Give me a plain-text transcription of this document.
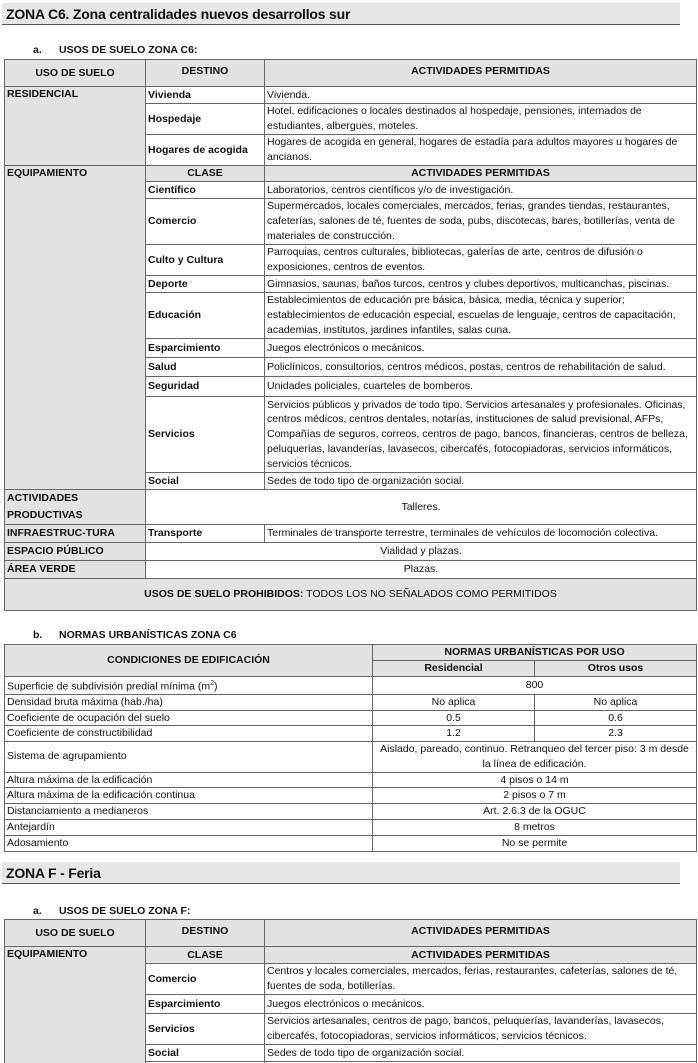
ZONA C6. Zona centralidades nuevos desarrollos sur
a. USOS DE SUELO ZONA C6:
USO DE SUELO	DESTINO	ACTIVIDADES PERMITIDAS
RESIDENCIAL	Vivienda	Vivienda.
	Hospedaje	Hotel, edificaciones o locales destinados al hospedaje, pensiones, internados de estudiantes, albergues, moteles.
	Hogares de acogida	Hogares de acogida en general, hogares de estadía para adultos mayores u hogares de ancianos.
EQUIPAMIENTO	CLASE	ACTIVIDADES PERMITIDAS
	Científico	Laboratorios, centros científicos y/o de investigación.
	Comercio	Supermercados, locales comerciales, mercados, ferias, grandes tiendas, restaurantes, cafeterías, salones de té, fuentes de soda, pubs, discotecas, bares, botillerías, venta de materiales de construcción.
	Culto y Cultura	Parroquias, centros culturales, bibliotecas, galerías de arte, centros de difusión o exposiciones, centros de eventos.
	Deporte	Gimnasios, saunas, baños turcos, centros y clubes deportivos, multicanchas, piscinas.
	Educación	Establecimientos de educación pre básica, básica, media, técnica y superior; establecimientos de educación especial, escuelas de lenguaje, centros de capacitación, academias, institutos, jardines infantiles, salas cuna.
	Esparcimiento	Juegos electrónicos o mecánicos.
	Salud	Policlínicos, consultorios, centros médicos, postas, centros de rehabilitación de salud.
	Seguridad	Unidades policiales, cuarteles de bomberos.
	Servicios	Servicios públicos y privados de todo tipo. Servicios artesanales y profesionales. Oficinas, centros médicos, centros dentales, notarías, instituciones de salud previsional, AFPs, Compañías de seguros, correos, centros de pago, bancos, financieras, centros de belleza, peluquerías, lavanderías, lavasecos, cibercafés, fotocopiadoras, servicios informáticos, servicios técnicos.
	Social	Sedes de todo tipo de organización social.
ACTIVIDADES PRODUCTIVAS	Talleres.	
INFRAESTRUC-TURA	Transporte	Terminales de transporte terrestre, terminales de vehículos de locomoción colectiva.
ESPACIO PÚBLICO	Vialidad y plazas.	
ÁREA VERDE	Plazas.	
USOS DE SUELO PROHIBIDOS: TODOS LOS NO SEÑALADOS COMO PERMITIDOS		
b. NORMAS URBANÍSTICAS ZONA C6
CONDICIONES DE EDIFICACIÓN	NORMAS URBANÍSTICAS POR USO	
	Residencial	Otros usos
Superficie de subdivisión predial mínima $(m^2)$	800	
Densidad bruta máxima (hab./ha)	No aplica	No aplica
Coeficiente de ocupación del suelo	0.5	0.6
Coeficiente de constructibilidad	1.2	2.3
Sistema de agrupamiento	Aislado, pareado, continuo. Retranqueo del tercer piso: 3 m desde la línea de edificación.	
Altura máxima de la edificación	4 pisos o 14 m	
Altura máxima de la edificación continua	2 pisos o 7 m	
Distanciamiento a medianeros	Art. 2.6.3 de la OGUC	
Antejardín	8 metros	
Adosamiento	No se permite	
ZONA F - Feria
a. USOS DE SUELO ZONA F:
USO DE SUELO	DESTINO	ACTIVIDADES PERMITIDAS
EQUIPAMIENTO	CLASE	ACTIVIDADES PERMITIDAS
	Comercio	Centros y locales comerciales, mercados, ferias, restaurantes, cafeterías, salones de té, fuentes de soda, botillerías.
	Esparcimiento	Juegos electrónicos o mecánicos.
	Servicios	Servicios artesanales, centros de pago, bancos, peluquerías, lavanderías, lavasecos, cibercafés, fotocopiadoras, servicios informáticos, servicios técnicos.
	Social	Sedes de todo tipo de organización social.
